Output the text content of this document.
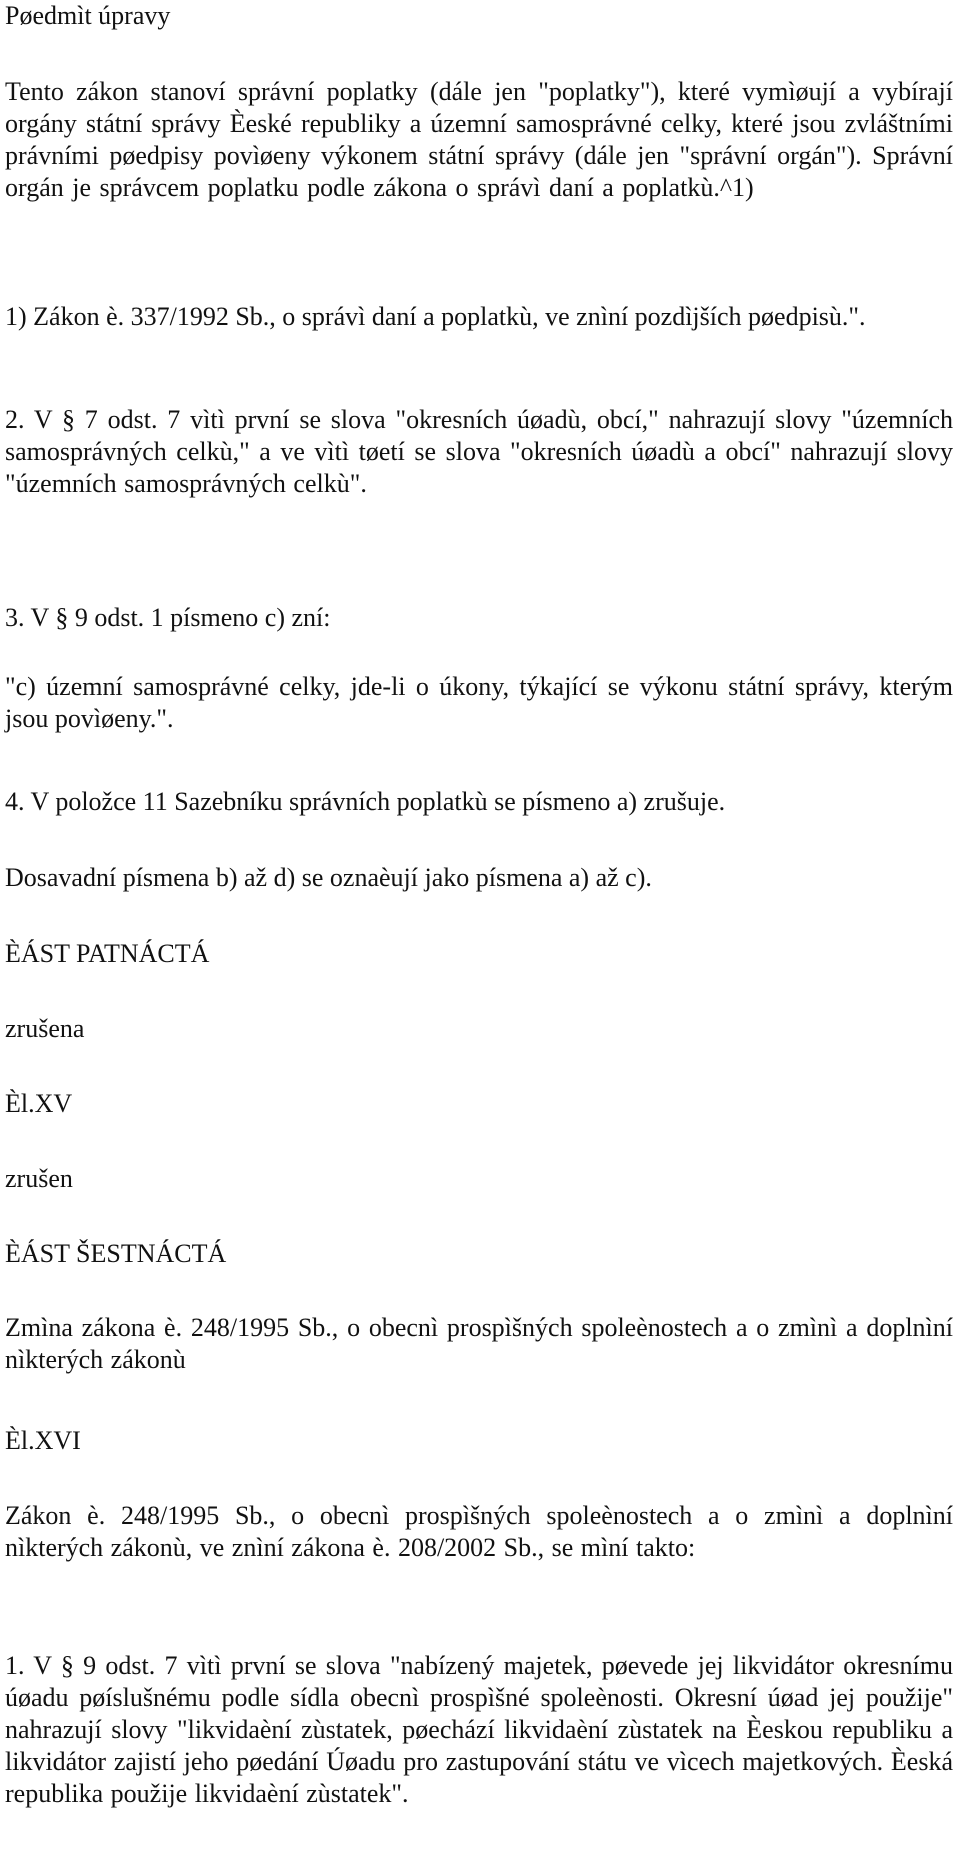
Pøedmìt úpravy

Tento zákon stanoví správní poplatky (dále jen "poplatky"), které vymìøují a vybírají orgány státní správy Èeské republiky a územní samosprávné celky, které jsou zvláštními právními pøedpisy povìøeny výkonem státní správy (dále jen "správní orgán"). Správní orgán je správcem poplatku podle zákona o správì daní a poplatkù.^1)

1) Zákon è. 337/1992 Sb., o správì daní a poplatkù, ve znìní pozdìjších pøedpisù.".

2. V § 7 odst. 7 vìtì první se slova "okresních úøadù, obcí," nahrazují slovy "územních samosprávných celkù," a ve vìtì tøetí se slova "okresních úøadù a obcí" nahrazují slovy "územních samosprávných celkù".

3. V § 9 odst. 1 písmeno c) zní:

"c) územní samosprávné celky, jde-li o úkony, týkající se výkonu státní správy, kterým jsou povìøeny.".

4. V položce 11 Sazebníku správních poplatkù se písmeno a) zrušuje.

Dosavadní písmena b) až d) se oznaèují jako písmena a) až c).

ÈÁST PATNÁCTÁ

zrušena

Èl.XV

zrušen

ÈÁST ŠESTNÁCTÁ

Zmìna zákona è. 248/1995 Sb., o obecnì prospìšných spoleènostech a o zmìnì a doplnìní nìkterých zákonù

Èl.XVI

Zákon è. 248/1995 Sb., o obecnì prospìšných spoleènostech a o zmìnì a doplnìní nìkterých zákonù, ve znìní zákona è. 208/2002 Sb., se mìní takto:

1. V § 9 odst. 7 vìtì první se slova "nabízený majetek, pøevede jej likvidátor okresnímu úøadu pøíslušnému podle sídla obecnì prospìšné spoleènosti. Okresní úøad jej použije" nahrazují slovy "likvidaèní zùstatek, pøechází likvidaèní zùstatek na Èeskou republiku a likvidátor zajistí jeho pøedání Úøadu pro zastupování státu ve vìcech majetkových. Èeská republika použije likvidaèní zùstatek".
